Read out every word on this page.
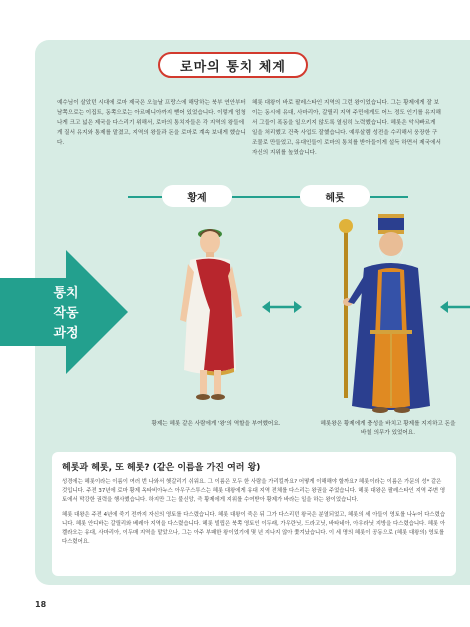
로마의 통치 체계

예수님이 살았던 시대에 로마 제국은 오늘날 프랑스에 해당하는 북부 연안부터 남쪽으로는 이집트, 동쪽으로는 아르메니아까지 뻗어 있었습니다. 이렇게 엄청나게 크고 넓은 제국을 다스리기 위해서, 로마의 통치자들은 각 지역의 왕들에게 질서 유지와 통제를 맡겼고, 지역의 왕들과 돈을 로마로 계속 보내게 했습니다.

헤롯 대왕이 바로 팔레스타인 지역의 그런 왕이었습니다. 그는 황제에게 잘 보이는 동시에 유대, 사마리아, 갈릴리 지역 주민에게도 어느 정도 인기를 유지해서 그들이 폭동을 일으키지 않도록 열심히 노력했습니다. 헤롯은 악식빠르게 일을 처리했고 건축 사업도 잘했습니다. 예루살렘 성전을 수리해서 웅장한 구조물로 만들었고, 유대인들이 로마의 통치를 받아들이게 설득 하면서 제국에서 자신의 지위를 높였습니다.

황제	헤롯
통치
작동
과정

황제는 헤롯 같은 사람에게 '왕'의 역할을 부여했어요.	헤롯왕은 황제에게 충성을 바치고 황제를 지지하고 돈을 바칠 의무가 있었어요.

헤롯과 헤롯, 또 헤롯? (같은 이름을 가진 여러 왕)

성경에는 헤롯이라는 이름이 여러 번 나와서 헷갈리기 쉬워요. 그 이름은 모두 한 사람을 가리킬까요? 어떻게 이해해야 할까요? 헤롯이라는 이름은 가문의 성* 같은 것입니다. 주전 37년에 로마 황제 옥타비아누스 아우구스투스는 헤롯 대왕에게 유대 지역 전체를 다스리는 왕권을 주었습니다. 헤롯 대왕은 팔레스타인 지역 주변 영토에서 막강한 권력을 행사했습니다. 하지만 그는 불신앙, 즉 황제에게 지위를 수여받아 황제가 바라는 일을 하는 왕이었습니다.

헤롯 대왕은 주전 4년에 죽기 전까지 자신의 영토를 다스렸습니다. 헤롯 대왕이 죽은 뒤 그가 다스리던 왕국은 분열되었고, 헤롯의 세 아들이 영토를 나누어 다스렸습니다. 헤롯 안디바는 갈릴리와 베레아 지역을 다스렸습니다. 헤롯 빌립은 북쪽 영토인 이두래, 가우란닛, 드라고닛, 바타네아, 아우라닛 지방을 다스렸습니다. 헤롯 아켈라오는 유대, 사마리아, 이두매 지역을 맡았으나, 그는 아주 부패한 왕이었기에 몇 년 지나지 않아 쫓겨났습니다. 이 세 명의 헤롯이 공동으로 (헤롯 대왕의) 영토를 다스렸어요.

18
